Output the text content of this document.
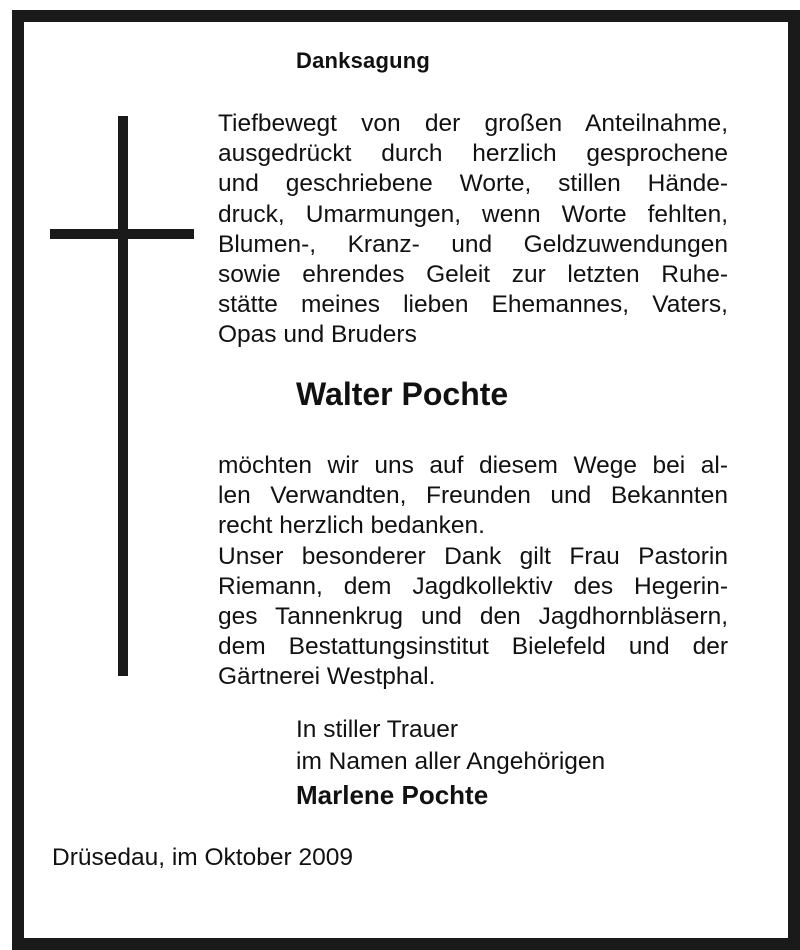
Danksagung
Tiefbewegt von der großen Anteilnahme,
ausgedrückt durch herzlich gesprochene
und geschriebene Worte, stillen Hände-
druck, Umarmungen, wenn Worte fehlten,
Blumen-, Kranz- und Geldzuwendungen
sowie ehrendes Geleit zur letzten Ruhe-
stätte meines lieben Ehemannes, Vaters,
Opas und Bruders
Walter Pochte
möchten wir uns auf diesem Wege bei al-
len Verwandten, Freunden und Bekannten
recht herzlich bedanken.
Unser besonderer Dank gilt Frau Pastorin
Riemann, dem Jagdkollektiv des Hegerin-
ges Tannenkrug und den Jagdhornbläsern,
dem Bestattungsinstitut Bielefeld und der
Gärtnerei Westphal.
In stiller Trauer
im Namen aller Angehörigen
Marlene Pochte
Drüsedau, im Oktober 2009
